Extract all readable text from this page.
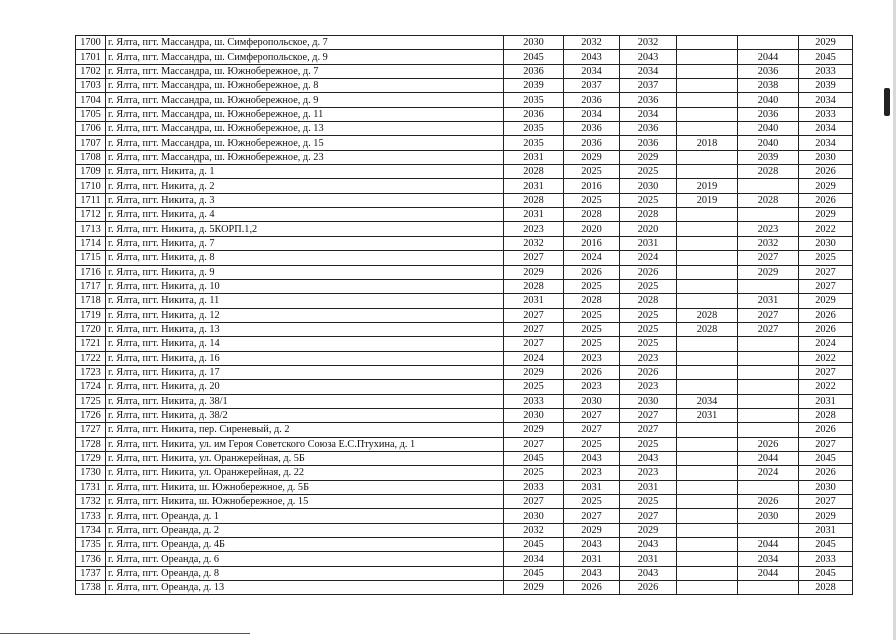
1700	г. Ялта, пгт. Массандра, ш. Симферопольское, д. 7	2030	2032	2032			2029
1701	г. Ялта, пгт. Массандра, ш. Симферопольское, д. 9	2045	2043	2043		2044	2045
1702	г. Ялта, пгт. Массандра, ш. Южнобережное, д. 7	2036	2034	2034		2036	2033
1703	г. Ялта, пгт. Массандра, ш. Южнобережное, д. 8	2039	2037	2037		2038	2039
1704	г. Ялта, пгт. Массандра, ш. Южнобережное, д. 9	2035	2036	2036		2040	2034
1705	г. Ялта, пгт. Массандра, ш. Южнобережное, д. 11	2036	2034	2034		2036	2033
1706	г. Ялта, пгт. Массандра, ш. Южнобережное, д. 13	2035	2036	2036		2040	2034
1707	г. Ялта, пгт. Массандра, ш. Южнобережное, д. 15	2035	2036	2036	2018	2040	2034
1708	г. Ялта, пгт. Массандра, ш. Южнобережное, д. 23	2031	2029	2029		2039	2030
1709	г. Ялта, пгт. Никита, д. 1	2028	2025	2025		2028	2026
1710	г. Ялта, пгт. Никита, д. 2	2031	2016	2030	2019		2029
1711	г. Ялта, пгт. Никита, д. 3	2028	2025	2025	2019	2028	2026
1712	г. Ялта, пгт. Никита, д. 4	2031	2028	2028			2029
1713	г. Ялта, пгт. Никита, д. 5КОРП.1,2	2023	2020	2020		2023	2022
1714	г. Ялта, пгт. Никита, д. 7	2032	2016	2031		2032	2030
1715	г. Ялта, пгт. Никита, д. 8	2027	2024	2024		2027	2025
1716	г. Ялта, пгт. Никита, д. 9	2029	2026	2026		2029	2027
1717	г. Ялта, пгт. Никита, д. 10	2028	2025	2025			2027
1718	г. Ялта, пгт. Никита, д. 11	2031	2028	2028		2031	2029
1719	г. Ялта, пгт. Никита, д. 12	2027	2025	2025	2028	2027	2026
1720	г. Ялта, пгт. Никита, д. 13	2027	2025	2025	2028	2027	2026
1721	г. Ялта, пгт. Никита, д. 14	2027	2025	2025			2024
1722	г. Ялта, пгт. Никита, д. 16	2024	2023	2023			2022
1723	г. Ялта, пгт. Никита, д. 17	2029	2026	2026			2027
1724	г. Ялта, пгт. Никита, д. 20	2025	2023	2023			2022
1725	г. Ялта, пгт. Никита, д. 38/1	2033	2030	2030	2034		2031
1726	г. Ялта, пгт. Никита, д. 38/2	2030	2027	2027	2031		2028
1727	г. Ялта, пгт. Никита, пер. Сиреневый, д. 2	2029	2027	2027			2026
1728	г. Ялта, пгт. Никита, ул. им Героя Советского Союза Е.С.Птухина, д. 1	2027	2025	2025		2026	2027
1729	г. Ялта, пгт. Никита, ул. Оранжерейная, д. 5Б	2045	2043	2043		2044	2045
1730	г. Ялта, пгт. Никита, ул. Оранжерейная, д. 22	2025	2023	2023		2024	2026
1731	г. Ялта, пгт. Никита, ш. Южнобережное, д. 5Б	2033	2031	2031			2030
1732	г. Ялта, пгт. Никита, ш. Южнобережное, д. 15	2027	2025	2025		2026	2027
1733	г. Ялта, пгт. Ореанда, д. 1	2030	2027	2027		2030	2029
1734	г. Ялта, пгт. Ореанда, д. 2	2032	2029	2029			2031
1735	г. Ялта, пгт. Ореанда, д. 4Б	2045	2043	2043		2044	2045
1736	г. Ялта, пгт. Ореанда, д. 6	2034	2031	2031		2034	2033
1737	г. Ялта, пгт. Ореанда, д. 8	2045	2043	2043		2044	2045
1738	г. Ялта, пгт. Ореанда, д. 13	2029	2026	2026			2028
